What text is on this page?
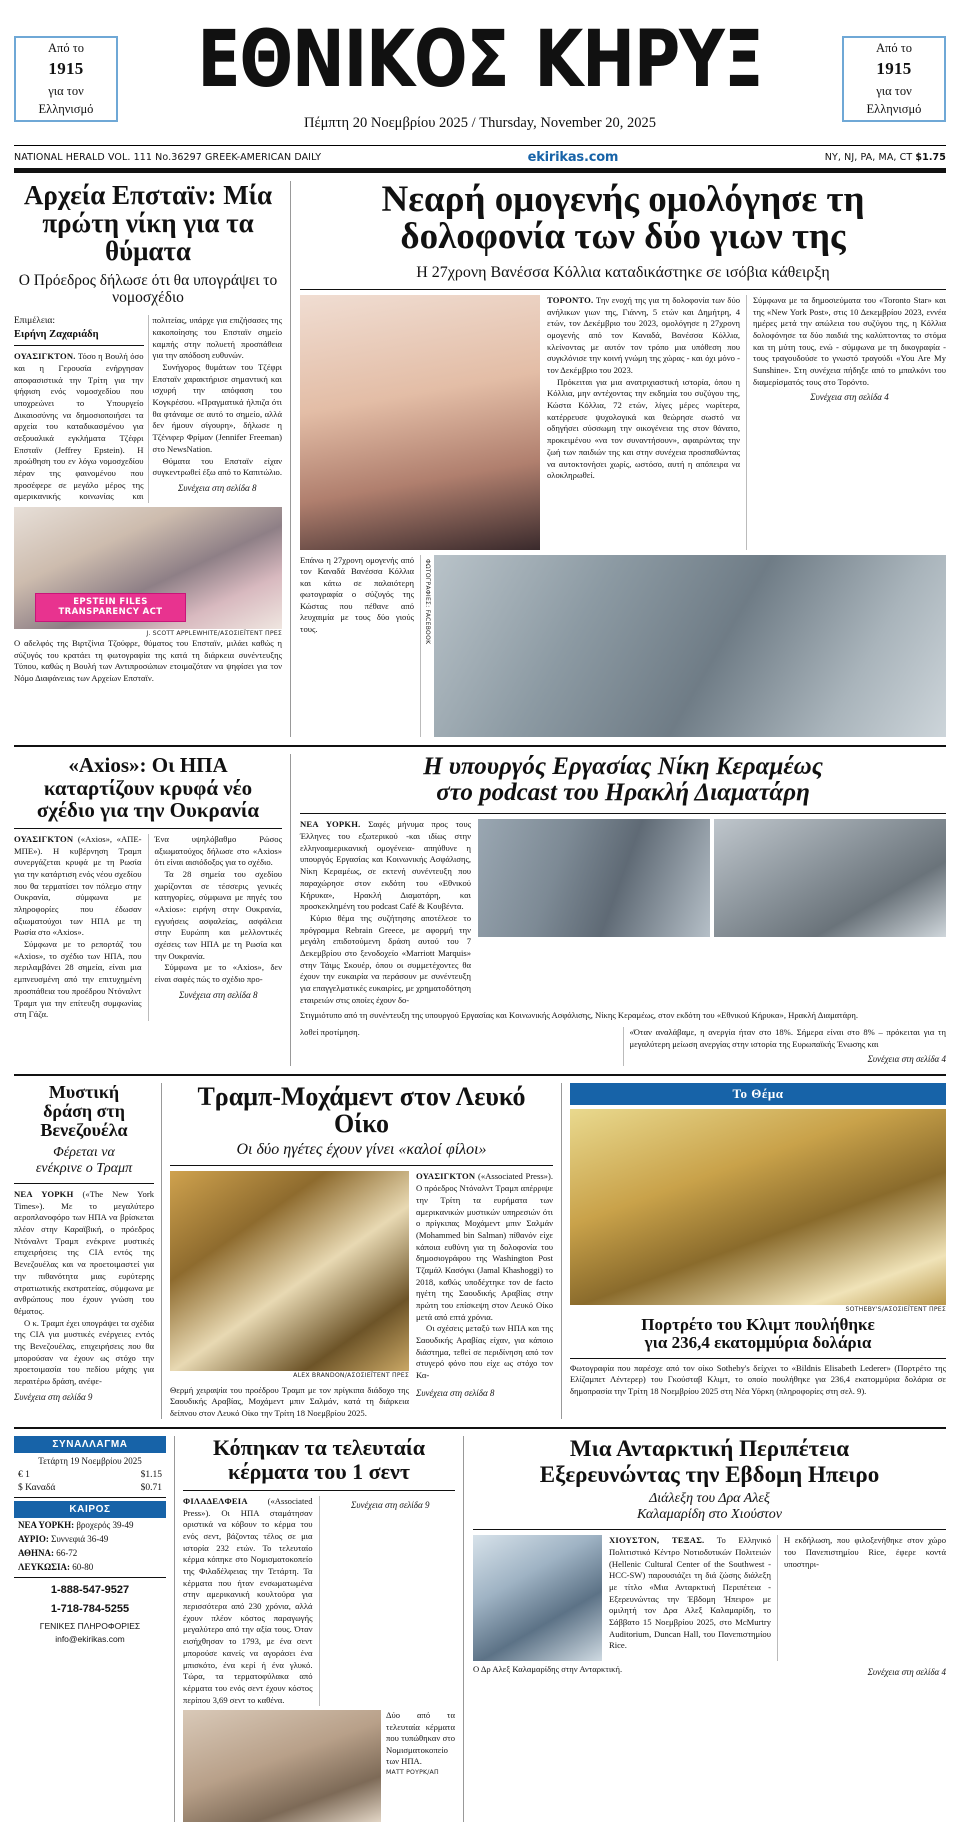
Από το
1915
για τον
Ελληνισμό
ΕΘΝΙΚΟΣ ΚΗΡΥΞ
Πέμπτη 20 Νοεμβρίου 2025 / Thursday, November 20, 2025
Από το
1915
για τον
Ελληνισμό
NATIONAL HERALD VOL. 111 No.36297 GREEK-AMERICAN DAILY	ekirikas.com	NY, NJ, PA, MA, CT $1.75
Αρχεία Επσταϊν: Μία πρώτη νίκη για τα θύματα
Ο Πρόεδρος δήλωσε ότι θα υπογράψει το νομοσχέδιο
Επιμέλεια:
Ειρήνη Ζαχαριάδη

ΟΥΑΣΙΓΚΤΟΝ. Τόσο η Βουλή όσο και η Γερουσία ενήργησαν αποφασιστικά την Τρίτη για την ψήφιση ενός νομοσχεδίου που υποχρεώνει το Υπουργείο Δικαιοσύνης να δημοσιοποιήσει τα αρχεία του καταδικασμένου για σεξουαλικά εγκλήματα Τζέφρι Επσταϊν (Jeffrey Epstein). Η προώθηση του εν λόγω νομοσχεδίου πέραν της φαινομένου που προσέφερε σε μεγάλο μέρος της αμερικανικής κοινωνίας και πολιτείας, υπάρχε για επιζήσασες της κακοποίησης του Επσταϊν σημείο καμπής στην πολυετή προσπάθεια για την απόδοση ευθυνών.

Συνήγορος θυμάτων του Τζέφρι Επσταϊν χαρακτήρισε σημαντική και ισχυρή την απόφαση του Κογκρέσου. «Πραγματικά ήλπιζα ότι θα φτάναμε σε αυτό το σημείο, αλλά δεν ήμουν σίγουρη», δήλωσε η Τζένιφερ Φρίμαν (Jennifer Freeman) στο NewsNation.

Θύματα του Επσταϊν είχαν συγκεντρωθεί έξω από το Καπιτώλιο.

Συνέχεια στη σελίδα 8
EPSTEIN FILES TRANSPARENCY ACT
J. SCOTT APPLEWHITE/ΑΣΟΣΙΕΪΤΕΝΤ ΠΡΕΣ
Ο αδελφός της Βιρτζίνια Τζούφρε, θύματος του Επσταϊν, μιλάει καθώς η σύζυγός του κρατάει τη φωτογραφία της κατά τη διάρκεια συνέντευξης Τύπου, καθώς η Βουλή των Αντιπροσώπων ετοιμαζόταν να ψηφίσει για τον Νόμο Διαφάνειας των Αρχείων Επσταϊν.
Νεαρή ομογενής ομολόγησε τη
δολοφονία των δύο γιων της
Η 27χρονη Βανέσσα Κόλλια καταδικάστηκε σε ισόβια κάθειρξη

ΤΟΡΟΝΤΟ. Την ενοχή της για τη δολοφονία των δύο ανήλικων γιων της, Γιάννη, 5 ετών και Δημήτρη, 4 ετών, τον Δεκέμβριο του 2023, ομολόγησε η 27χρονη ομογενής από τον Καναδά, Βανέσσα Κόλλια, κλείνοντας με αυτόν τον τρόπο μια υπόθεση που συγκλόνισε την κοινή γνώμη της χώρας - και όχι μόνο - τον Δεκέμβριο του 2023.

Πρόκειται για μια ανατριχιαστική ιστορία, όπου η Κόλλια, μην αντέχοντας την εκδημία του συζύγου της, Κώστα Κόλλια, 72 ετών, λίγες μέρες νωρίτερα, κατέρρευσε ψυχολογικά και θεώρησε σωστό να οδηγήσει σύσσωμη την οικογένεια της στον θάνατο, προκειμένου «να τον συναντήσουν», αφαιρώντας την ζωή των παιδιών της και στην συνέχεια προσπαθώντας να αυτοκτονήσει χωρίς, ωστόσο, αυτή η απόπειρα να ολοκληρωθεί.

Σύμφωνα με τα δημοσιεύματα του «Toronto Star» και της «New York Post», στις 10 Δεκεμβρίου 2023, εννέα ημέρες μετά την απώλεια του συζύγου της, η Κόλλια δολοφόνησε τα δύο παιδιά της καλύπτοντας το στόμα και τη μύτη τους, ενώ - σύμφωνα με τη δικογραφία - τους τραγουδούσε το γνωστό τραγούδι «You Are My Sunshine». Στη συνέχεια πήδηξε από το μπαλκόνι του διαμερίσματός τους στο Τορόντο.

Συνέχεια στη σελίδα 4
Επάνω η 27χρονη ομογενής από τον Καναδά Βανέσσα Κόλλια και κάτω σε παλαιότερη φωτογραφία ο σύζυγός της Κώστας που πέθανε από λευχαιμία με τους δύο γιούς τους.	ΦΩΤΟΓΡΑΦΙΕΣ: FACEBOOK
«Axios»: Οι ΗΠΑ καταρτίζουν κρυφά νέο σχέδιο για την Ουκρανία

ΟΥΑΣΙΓΚΤΟΝ («Αxios», «ΑΠΕ-ΜΠΕ»). Η κυβέρνηση Τραμπ συνεργάζεται κρυφά με τη Ρωσία για την κατάρτιση ενός νέου σχεδίου που θα τερματίσει τον πόλεμο στην Ουκρανία, σύμφωνα με πληροφορίες που έδωσαν αξιωματούχοι των ΗΠΑ με τη Ρωσία στο «Axios».

Σύμφωνα με το ρεπορτάζ του «Axios», το σχέδιο των ΗΠΑ, που περιλαμβάνει 28 σημεία, είναι μια εμπνευσμένη από την επιτυχημένη προσπάθεια του προέδρου Ντόναλντ Τραμπ για την επίτευξη συμφωνίας στη Γάζα.

Ένα υψηλόβαθμο Ρώσος αξιωματούχος δήλωσε στο «Axios» ότι είναι αισιόδοξος για το σχέδιο.

Τα 28 σημεία του σχεδίου χωρίζονται σε τέσσερις γενικές κατηγορίες, σύμφωνα με πηγές του «Axios»: ειρήνη στην Ουκρανία, εγγυήσεις ασφαλείας, ασφάλεια στην Ευρώπη και μελλοντικές σχέσεις των ΗΠΑ με τη Ρωσία και την Ουκρανία.

Σύμφωνα με το «Axios», δεν είναι σαφές πώς το σχέδιο προ-

Συνέχεια στη σελίδα 8
Η υπουργός Εργασίας Νίκη Κεραμέως
στο podcast του Ηρακλή Διαματάρη

ΝΕΑ ΥΟΡΚΗ. Σαφές μήνυμα προς τους Έλληνες του εξωτερικού -και ιδίως στην ελληνοαμερικανική ομογένεια- απηύθυνε η υπουργός Εργασίας και Κοινωνικής Ασφάλισης, Νίκη Κεραμέως, σε εκτενή συνέντευξη που παραχώρησε στον εκδότη του «Εθνικού Κήρυκα», Ηρακλή Διαματάρη, και προσκεκλημένη του podcast Café & Κουβέντα.

Κύριο θέμα της συζήτησης αποτέλεσε το πρόγραμμα Rebrain Greece, με αφορμή την μεγάλη επιδοτούμενη δράση αυτού του 7 Δεκεμβρίου στο ξενοδοχείο «Marriott Marquis» στην Τάιμς Σκουέρ, όπου οι συμμετέχοντες θα έχουν την ευκαιρία να περάσουν με συνέντευξη για επαγγελματικές ευκαιρίες, με χρηματοδότηση εταιρειών στις οποίες έχουν δο-

Στιγμιότυπο από τη συνέντευξη της υπουργού Εργασίας και Κοινωνικής Ασφάλισης, Νίκης Κεραμέως, στον εκδότη του «Εθνικού Κήρυκα», Ηρακλή Διαματάρη.

λοθεί προτίμηση.	«Όταν αναλάβαμε, η ανεργία ήταν στο 18%. Σήμερα είναι στο 8% – πρόκειται για τη μεγαλύτερη μείωση ανεργίας στην ιστορία της Ευρωπαϊκής Ένωσης και

Συνέχεια στη σελίδα 4
Μυστική
δράση στη
Βενεζουέλα
Φέρεται να
ενέκρινε ο Τραμπ

ΝΕΑ ΥΟΡΚΗ («The New York Times»). Με το μεγαλύτερο αεροπλανοφόρο των ΗΠΑ να βρίσκεται πλέον στην Καραϊβική, ο πρόεδρος Ντόναλντ Τραμπ ενέκρινε μυστικές επιχειρήσεις της CIA εντός της Βενεζουέλας και να προετοιμαστεί για την πιθανότητα μιας ευρύτερης στρατιωτικής εκστρατείας, σύμφωνα με ανθρώπους που έχουν γνώση του θέματος.

Ο κ. Τραμπ έχει υπογράψει τα σχέδια της CIA για μυστικές ενέργειες εντός της Βενεζουέλας, επιχειρήσεις που θα μπορούσαν να έχουν ως στόχο την προετοιμασία του πεδίου μάχης για περαιτέρω δράση, ανέφε-

Συνέχεια στη σελίδα 9
Τραμπ-Μοχάμεντ στον Λευκό Οίκο
Οι δύο ηγέτες έχουν γίνει «καλοί φίλοι»
ALEX BRANDON/ΑΣΟΣΙΕΪΤΕΝΤ ΠΡΕΣ

ΟΥΑΣΙΓΚΤΟΝ («Associated Press»). Ο πρόεδρος Ντόναλντ Τραμπ απέρριψε την Τρίτη τα ευρήματα των αμερικανικών μυστικών υπηρεσιών ότι ο πρίγκιπας Μοχάμεντ μπιν Σαλμάν (Mohammed bin Salman) πίθανόν είχε κάποια ευθύνη για τη δολοφονία του δημοσιογράφου της Washington Post Τζαμάλ Κασόγκι (Jamal Khashoggi) το 2018, καθώς υποδέχτηκε τον de facto ηγέτη της Σαουδικής Αραβίας στην πρώτη του επίσκεψη στον Λευκό Οίκο μετά από επτά χρόνια.

Οι σχέσεις μεταξύ των ΗΠΑ και της Σαουδικής Αραβίας είχαν, για κάποιο διάστημα, τεθεί σε περιδίνηση από τον στυγερό φόνο που είχε ως στόχο τον Κα-

Θερμή χειραψία του προέδρου Τραμπ με τον πρίγκιπα διάδοχο της Σαουδικής Αραβίας, Μοχάμεντ μπιν Σαλμάν, κατά τη διάρκεια δείπνου στον Λευκό Οίκο την Τρίτη 18 Νοεμβρίου 2025.
Συνέχεια στη σελίδα 8
Το Θέμα
SOTHEBY'S/ΑΣΟΣΙΕΪΤΕΝΤ ΠΡΕΣ
Πορτρέτο του Κλιμτ πουλήθηκε
για 236,4 εκατομμύρια δολάρια
Φωτογραφία που παρέσχε από τον οίκο Sotheby's δείχνει το «Bildnis Elisabeth Lederer» (Πορτρέτο της Ελίζαμπετ Λέντερερ) του Γκούσταβ Κλιμτ, το οποίο πουλήθηκε για 236,4 εκατομμύρια δολάρια σε δημοπρασία την Τρίτη 18 Νοεμβρίου 2025 στη Νέα Υόρκη (πληροφορίες στη σελ. 9).
ΣΥΝΑΛΛΑΓΜΑ
Τετάρτη 19 Νοεμβρίου 2025
€ 1	$1.15
$ Καναδά	$0.71
ΚΑΙΡΟΣ
ΝΕΑ ΥΟΡΚΗ: βροχερός 39-49
ΑΥΡΙΟ: Συννεφιά 36-49
ΑΘΗΝΑ: 66-72
ΛΕΥΚΩΣΙΑ: 60-80
1-888-547-9527
1-718-784-5255
ΓΕΝΙΚΕΣ ΠΛΗΡΟΦΟΡΙΕΣ
info@ekirikas.com
Κόπηκαν τα τελευταία
κέρματα του 1 σεντ

ΦΙΛΑΔΕΛΦΕΙΑ («Associated Press»). Οι ΗΠΑ σταμάτησαν οριστικά να κόβουν το κέρμα του ενός σεντ, βάζοντας τέλος σε μια ιστορία 232 ετών. Το τελευταίο κέρμα κόπηκε στο Νομισματοκοπείο της Φιλαδέλφειας την Τετάρτη. Τα κέρματα που ήταν ενσωματωμένα στην αμερικανική κουλτούρα για περισσότερα από 230 χρόνια, αλλά έχουν πλέον κόστος παραγωγής μεγαλύτερο από την αξία τους. Όταν εισήχθησαν το 1793, με ένα σεντ μπορούσε κανείς να αγοράσει ένα μπισκότο, ένα κερί ή ένα γλυκό. Τώρα, τα τερματοφύλακα από κέρματα του ενός σεντ έχουν κόστος περίπου 3,69 σεντ το καθένα.

Συνέχεια στη σελίδα 9
Δύο από τα τελευταία κέρματα που τυπώθηκαν στο Νομισματοκοπείο των ΗΠΑ.
ΜΑΤΤ ΡΟΥΡΚ/ΑΠ
Μια Ανταρκτική Περιπέτεια
Εξερευνώντας την Εβδομη Ηπειρο
Διάλεξη του Δρα Αλεξ
Καλαμαρίδη στο Χιούστον

ΧΙΟΥΣΤΟΝ, ΤΕΞΑΣ. Το Ελληνικό Πολιτιστικό Κέντρο Νοτιοδυτικών Πολιτειών (Hellenic Cultural Center of the Southwest - HCC-SW) παρουσιάζει τη διά ζώσης διάλεξη με τίτλο «Μια Ανταρκτική Περιπέτεια - Εξερευνώντας την Έβδομη Ήπειρο» με ομιλητή τον Δρα Αλεξ Καλαμαρίδη, το Σάββατο 15 Νοεμβρίου 2025, στο McMurtry Auditorium, Duncan Hall, του Πανεπιστημίου Rice.

Η εκδήλωση, που φιλοξενήθηκε στον χώρο του Πανεπιστημίου Rice, έφερε κοντά υποστηρι-

Ο Δρ Αλεξ Καλαμαρίδης στην Ανταρκτική.	Συνέχεια στη σελίδα 4
